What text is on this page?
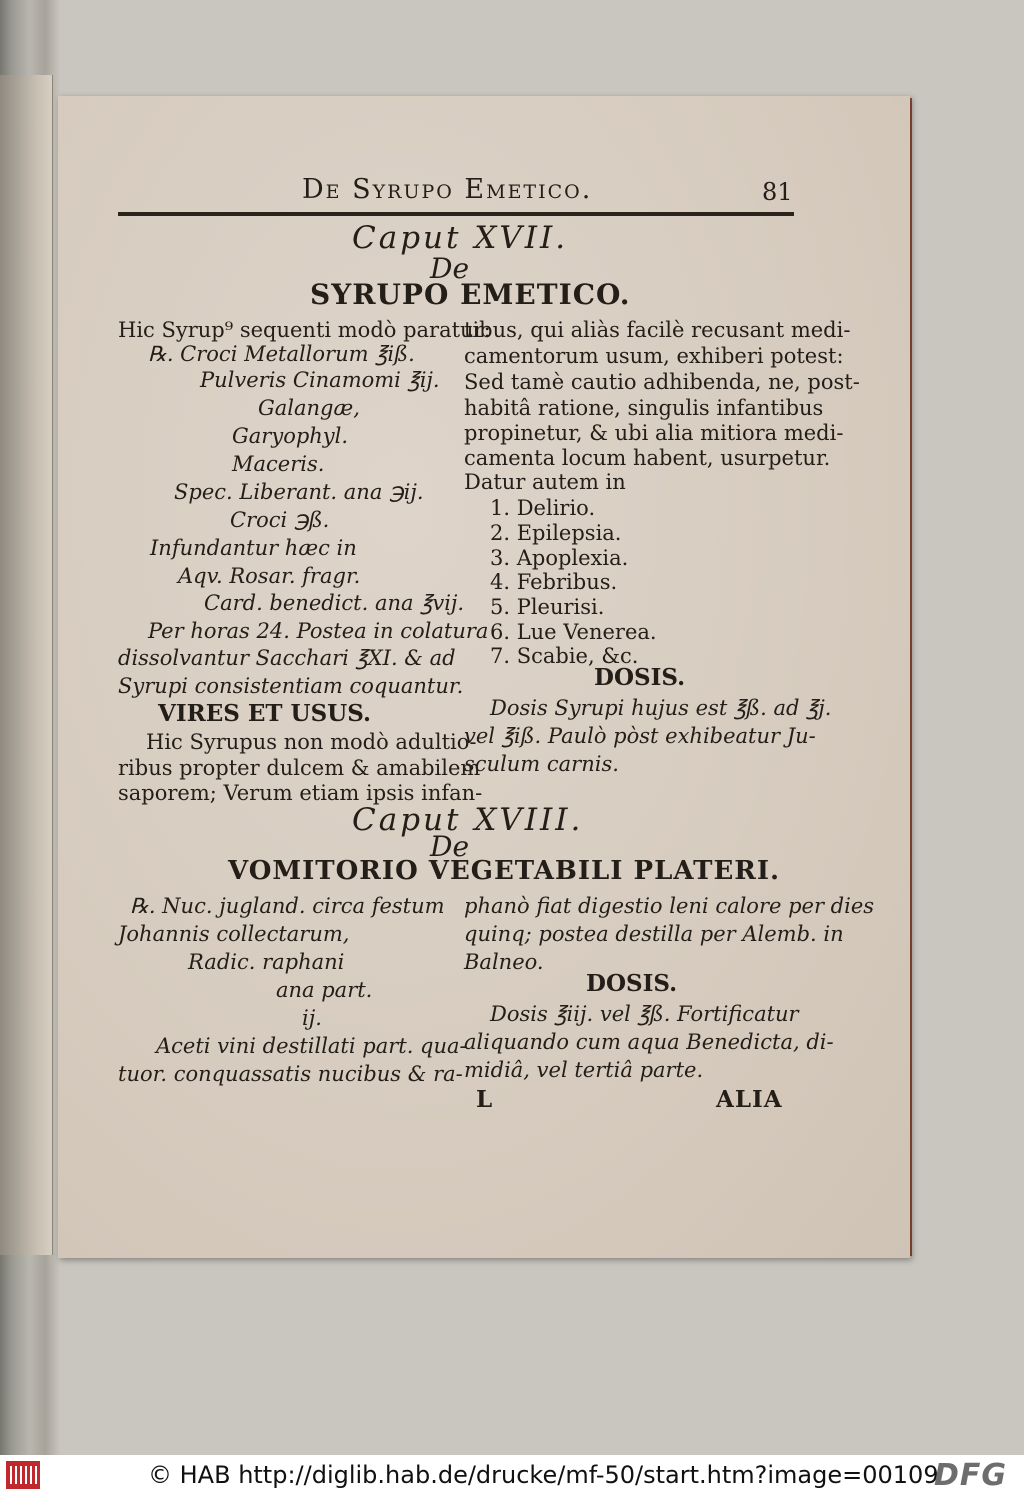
De Syrupo Emetico.	81
Caput XVII.
De
SYRUPO EMETICO.
Hic Syrup⁹ sequenti modò paratur:
℞. Croci Metallorum ℥iß.
Pulveris Cinamomi ℥ij.
Galangæ,
Garyophyl.
Maceris.
Spec. Liberant. ana ℈ij.
Croci ℈ß.
Infundantur hæc in
Aqv. Rosar. fragr.
Card. benedict. ana ℥vij.
Per horas 24. Postea in colatura
dissolvantur Sacchari ℥XI. & ad
Syrupi consistentiam coquantur.
VIRES ET USUS.
Hic Syrupus non modò adultio-
ribus propter dulcem & amabilem
saporem; Verum etiam ipsis infan-
tibus, qui aliàs facilè recusant medi-
camentorum usum, exhiberi potest:
Sed tamè cautio adhibenda, ne, post-
habitâ ratione, singulis infantibus
propinetur, & ubi alia mitiora medi-
camenta locum habent, usurpetur.
Datur autem in
1. Delirio.
2. Epilepsia.
3. Apoplexia.
4. Febribus.
5. Pleurisi.
6. Lue Venerea.
7. Scabie, &c.
DOSIS.
Dosis Syrupi hujus est ℥ß. ad ℥j.
vel ℥iß. Paulò pòst exhibeatur Ju-
sculum carnis.
Caput XVIII.
De
VOMITORIO VEGETABILI PLATERI.
℞. Nuc. jugland. circa festum
Johannis collectarum,
Radic. raphani
ana part.
ij.
Aceti vini destillati part. qua-
tuor. conquassatis nucibus & ra-
phanò fiat digestio leni calore per dies
quinq; postea destilla per Alemb. in
Balneo.
DOSIS.
Dosis ℥iij. vel ℥ß. Fortificatur
aliquando cum aqua Benedicta, di-
midiâ, vel tertiâ parte.
L	ALIA
© HAB http://diglib.hab.de/drucke/mf-50/start.htm?image=00109
DFG
